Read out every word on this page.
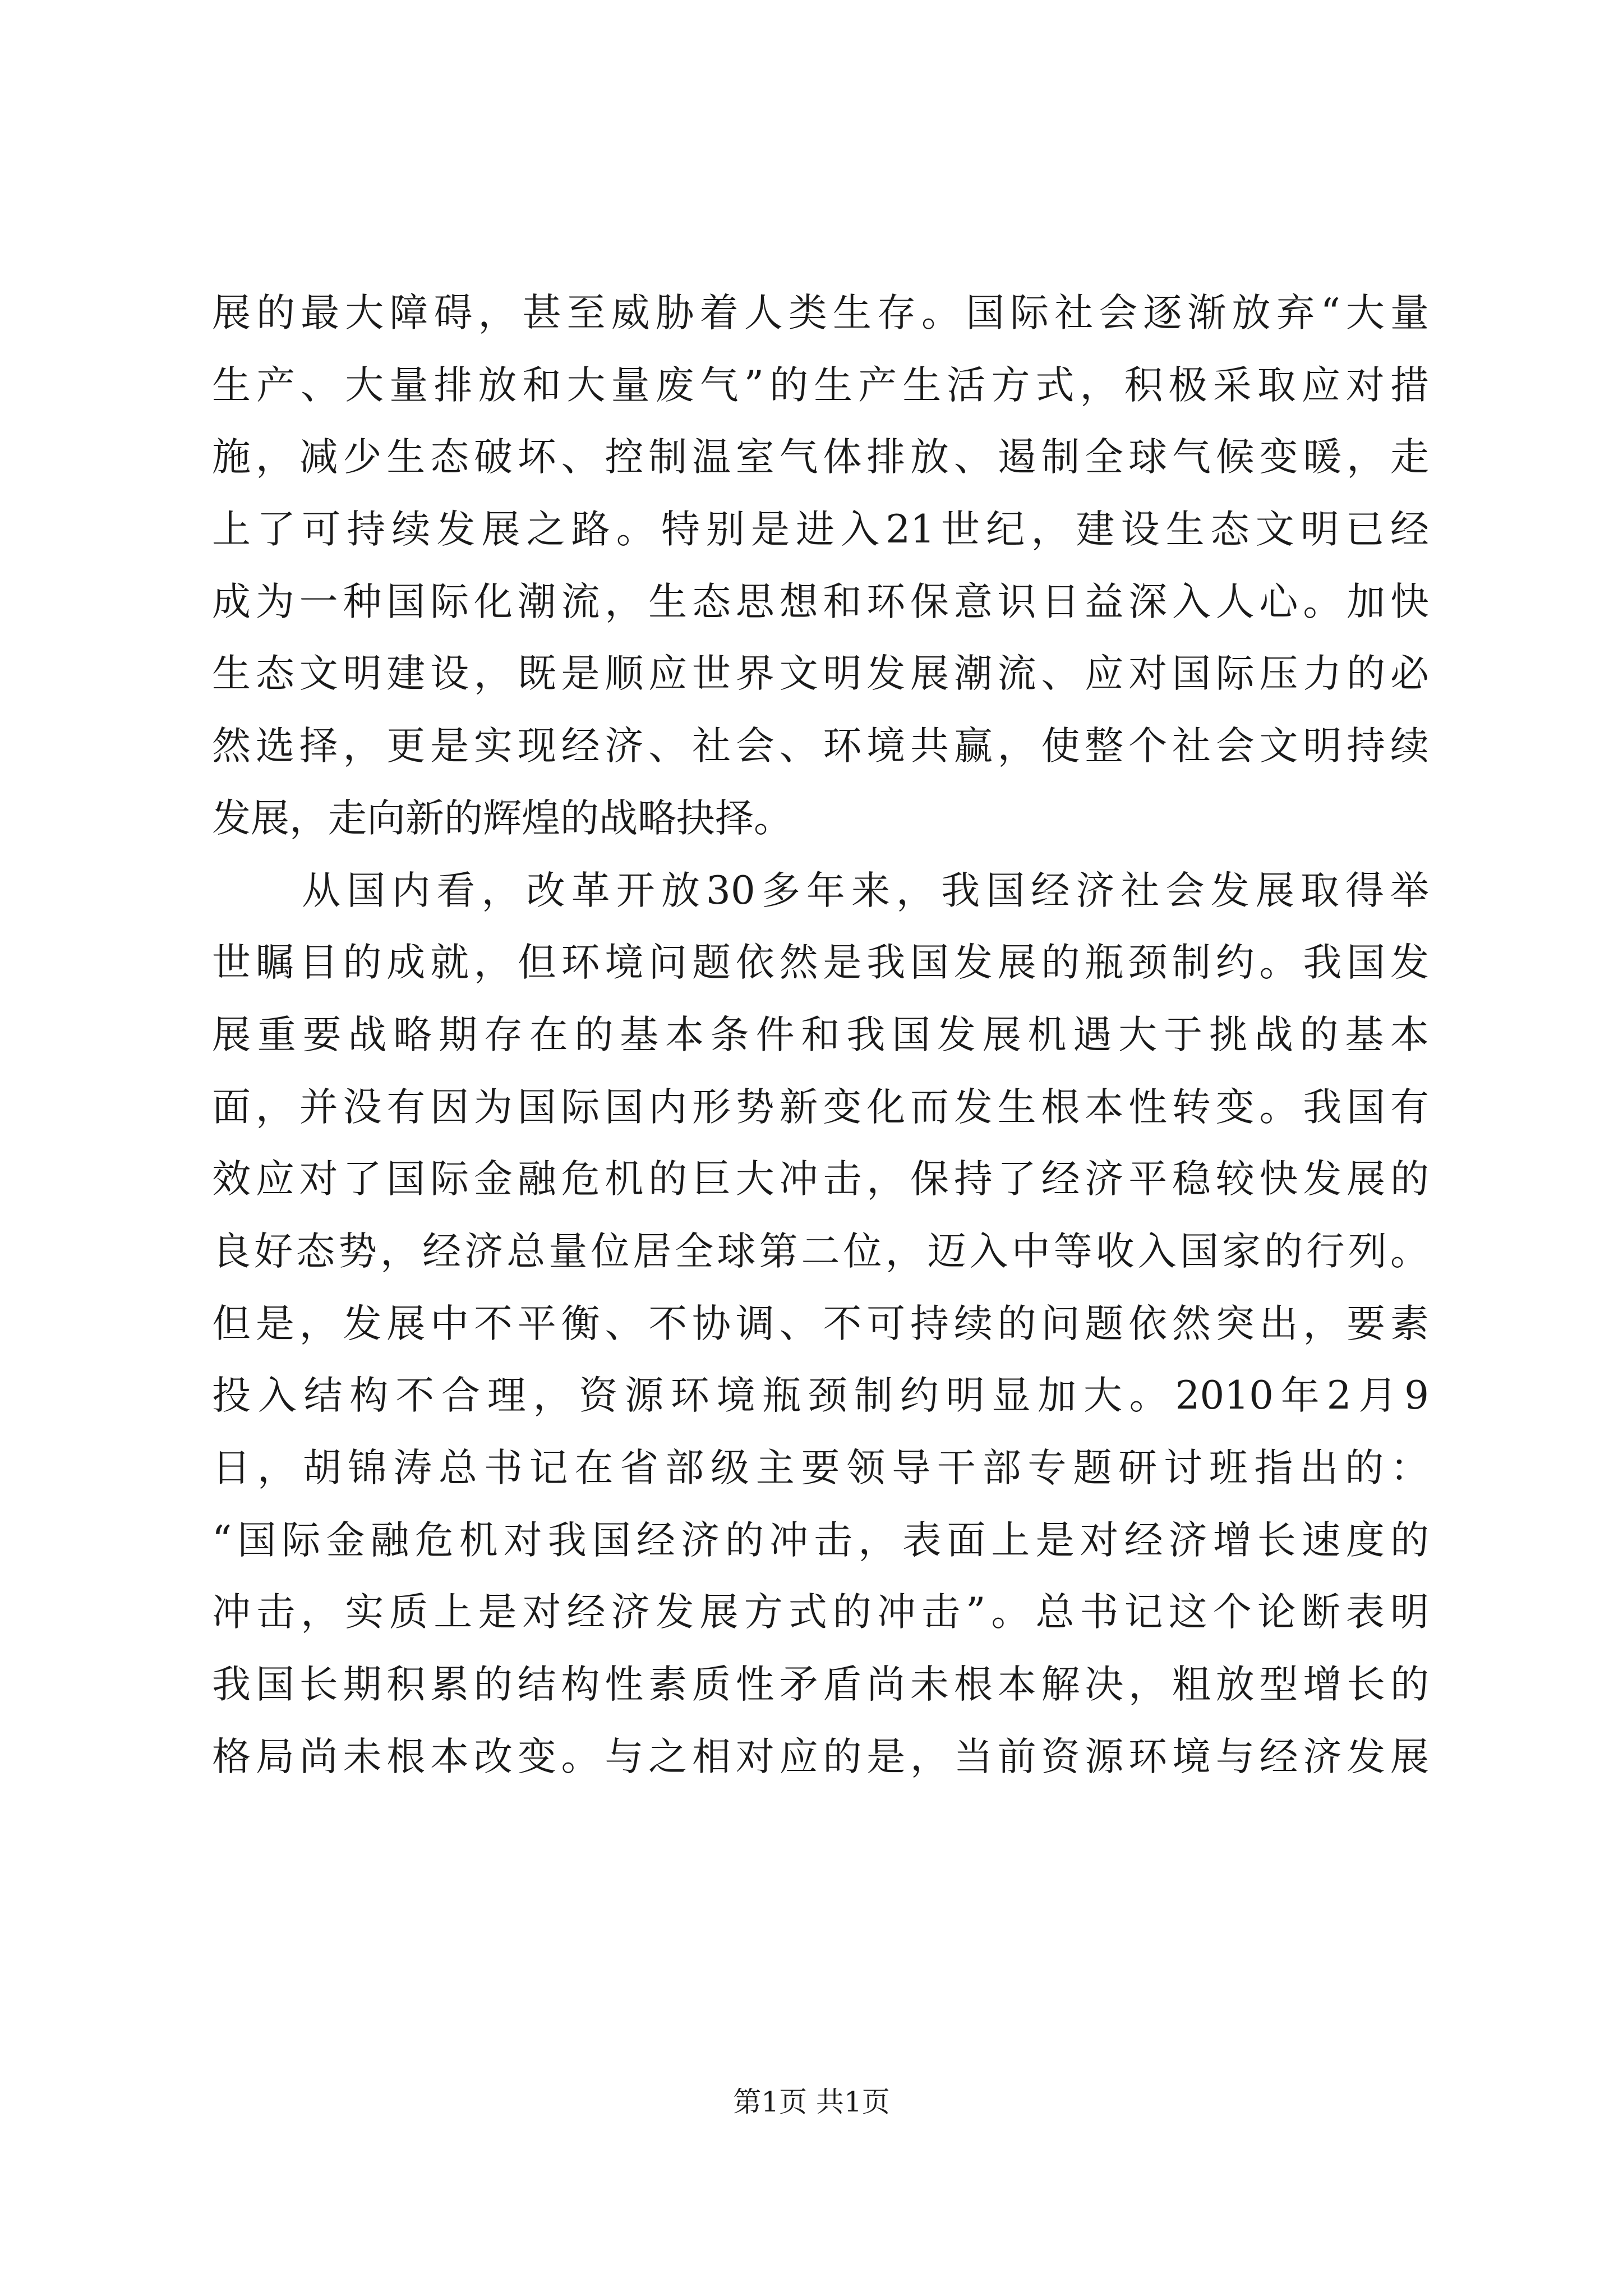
展的最大障碍，甚至威胁着人类生存。国际社会逐渐放弃“大量
生产、大量排放和大量废气”的生产生活方式，积极采取应对措
施，减少生态破坏、控制温室气体排放、遏制全球气候变暖，走
上了可持续发展之路。特别是进入21世纪，建设生态文明已经
成为一种国际化潮流，生态思想和环保意识日益深入人心。加快
生态文明建设，既是顺应世界文明发展潮流、应对国际压力的必
然选择，更是实现经济、社会、环境共赢，使整个社会文明持续
发展，走向新的辉煌的战略抉择。
　　从国内看，改革开放30多年来，我国经济社会发展取得举
世瞩目的成就，但环境问题依然是我国发展的瓶颈制约。我国发
展重要战略期存在的基本条件和我国发展机遇大于挑战的基本
面，并没有因为国际国内形势新变化而发生根本性转变。我国有
效应对了国际金融危机的巨大冲击，保持了经济平稳较快发展的
良好态势，经济总量位居全球第二位，迈入中等收入国家的行列。
但是，发展中不平衡、不协调、不可持续的问题依然突出，要素
投入结构不合理，资源环境瓶颈制约明显加大。2010年2月9
日，胡锦涛总书记在省部级主要领导干部专题研讨班指出的：
“国际金融危机对我国经济的冲击，表面上是对经济增长速度的
冲击，实质上是对经济发展方式的冲击”。总书记这个论断表明
我国长期积累的结构性素质性矛盾尚未根本解决，粗放型增长的
格局尚未根本改变。与之相对应的是，当前资源环境与经济发展
第1页 共1页
